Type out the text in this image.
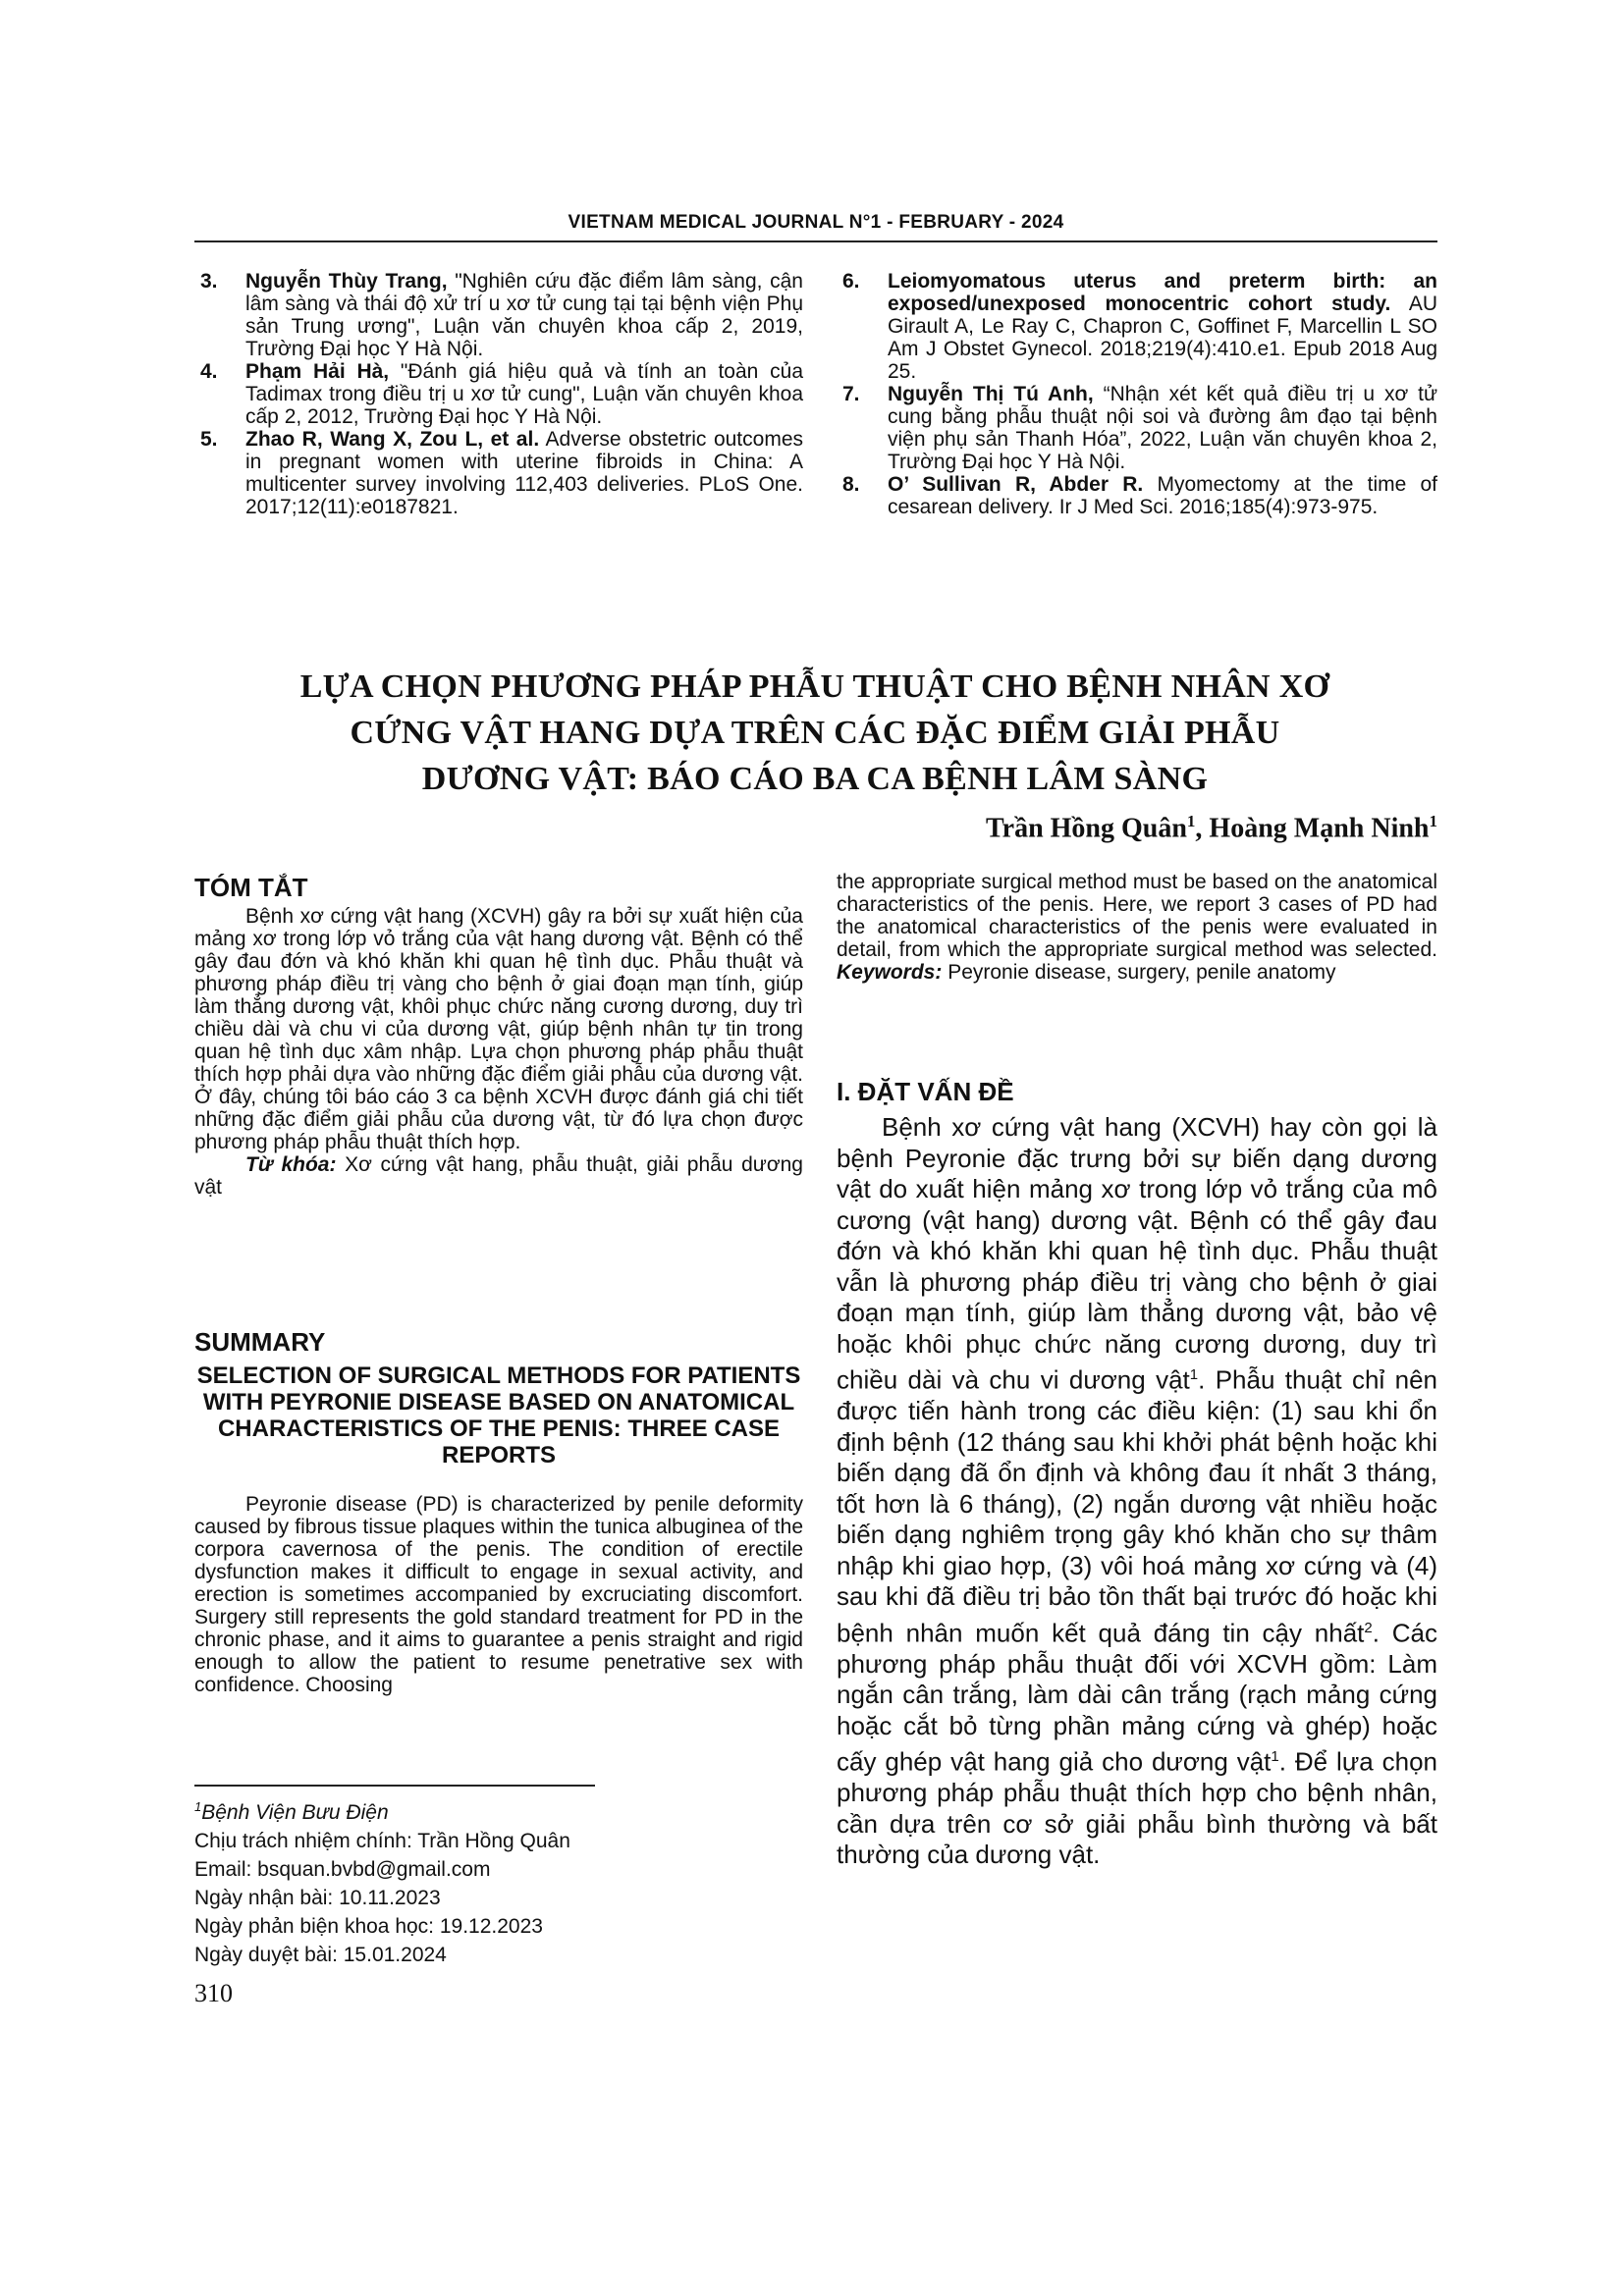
VIETNAM MEDICAL JOURNAL N°1 - FEBRUARY - 2024

3. Nguyễn Thùy Trang, "Nghiên cứu đặc điểm lâm sàng, cận lâm sàng và thái độ xử trí u xơ tử cung tại tại bệnh viện Phụ sản Trung ương", Luận văn chuyên khoa cấp 2, 2019, Trường Đại học Y Hà Nội.

4. Phạm Hải Hà, "Đánh giá hiệu quả và tính an toàn của Tadimax trong điều trị u xơ tử cung", Luận văn chuyên khoa cấp 2, 2012, Trường Đại học Y Hà Nội.

5. Zhao R, Wang X, Zou L, et al. Adverse obstetric outcomes in pregnant women with uterine fibroids in China: A multicenter survey involving 112,403 deliveries. PLoS One. 2017;12(11):e0187821.

6. Leiomyomatous uterus and preterm birth: an exposed/unexposed monocentric cohort study. AU Girault A, Le Ray C, Chapron C, Goffinet F, Marcellin L SO Am J Obstet Gynecol. 2018;219(4):410.e1. Epub 2018 Aug 25.

7. Nguyễn Thị Tú Anh, “Nhận xét kết quả điều trị u xơ tử cung bằng phẫu thuật nội soi và đường âm đạo tại bệnh viện phụ sản Thanh Hóa”, 2022, Luận văn chuyên khoa 2, Trường Đại học Y Hà Nội.

8. O’ Sullivan R, Abder R. Myomectomy at the time of cesarean delivery. Ir J Med Sci. 2016;185(4):973-975.

LỰA CHỌN PHƯƠNG PHÁP PHẪU THUẬT CHO BỆNH NHÂN XƠ CỨNG VẬT HANG DỰA TRÊN CÁC ĐẶC ĐIỂM GIẢI PHẪU DƯƠNG VẬT: BÁO CÁO BA CA BỆNH LÂM SÀNG
Trần Hồng Quân$^1$, Hoàng Mạnh Ninh$^1$
TÓM TẮT

Bệnh xơ cứng vật hang (XCVH) gây ra bởi sự xuất hiện của mảng xơ trong lớp vỏ trắng của vật hang dương vật. Bệnh có thể gây đau đớn và khó khăn khi quan hệ tình dục. Phẫu thuật và phương pháp điều trị vàng cho bệnh ở giai đoạn mạn tính, giúp làm thẳng dương vật, khôi phục chức năng cương dương, duy trì chiều dài và chu vi của dương vật, giúp bệnh nhân tự tin trong quan hệ tình dục xâm nhập. Lựa chọn phương pháp phẫu thuật thích hợp phải dựa vào những đặc điểm giải phẫu của dương vật. Ở đây, chúng tôi báo cáo 3 ca bệnh XCVH được đánh giá chi tiết những đặc điểm giải phẫu của dương vật, từ đó lựa chọn được phương pháp phẫu thuật thích hợp.

Từ khóa: Xơ cứng vật hang, phẫu thuật, giải phẫu dương vật

SUMMARY
SELECTION OF SURGICAL METHODS FOR PATIENTS WITH PEYRONIE DISEASE BASED ON ANATOMICAL CHARACTERISTICS OF THE PENIS: THREE CASE REPORTS

Peyronie disease (PD) is characterized by penile deformity caused by fibrous tissue plaques within the tunica albuginea of the corpora cavernosa of the penis. The condition of erectile dysfunction makes it difficult to engage in sexual activity, and erection is sometimes accompanied by excruciating discomfort. Surgery still represents the gold standard treatment for PD in the chronic phase, and it aims to guarantee a penis straight and rigid enough to allow the patient to resume penetrative sex with confidence. Choosing

$^1$Bệnh Viện Bưu Điện
Chịu trách nhiệm chính: Trần Hồng Quân
Email: bsquan.bvbd@gmail.com
Ngày nhận bài: 10.11.2023
Ngày phản biện khoa học: 19.12.2023
Ngày duyệt bài: 15.01.2024

the appropriate surgical method must be based on the anatomical characteristics of the penis. Here, we report 3 cases of PD had the anatomical characteristics of the penis were evaluated in detail, from which the appropriate surgical method was selected. Keywords: Peyronie disease, surgery, penile anatomy

I. ĐẶT VẤN ĐỀ

Bệnh xơ cứng vật hang (XCVH) hay còn gọi là bệnh Peyronie đặc trưng bởi sự biến dạng dương vật do xuất hiện mảng xơ trong lớp vỏ trắng của mô cương (vật hang) dương vật. Bệnh có thể gây đau đớn và khó khăn khi quan hệ tình dục. Phẫu thuật vẫn là phương pháp điều trị vàng cho bệnh ở giai đoạn mạn tính, giúp làm thẳng dương vật, bảo vệ hoặc khôi phục chức năng cương dương, duy trì chiều dài và chu vi dương vật$^1$. Phẫu thuật chỉ nên được tiến hành trong các điều kiện: (1) sau khi ổn định bệnh (12 tháng sau khi khởi phát bệnh hoặc khi biến dạng đã ổn định và không đau ít nhất 3 tháng, tốt hơn là 6 tháng), (2) ngắn dương vật nhiều hoặc biến dạng nghiêm trọng gây khó khăn cho sự thâm nhập khi giao hợp, (3) vôi hoá mảng xơ cứng và (4) sau khi đã điều trị bảo tồn thất bại trước đó hoặc khi bệnh nhân muốn kết quả đáng tin cậy nhất$^2$. Các phương pháp phẫu thuật đối với XCVH gồm: Làm ngắn cân trắng, làm dài cân trắng (rạch mảng cứng hoặc cắt bỏ từng phần mảng cứng và ghép) hoặc cấy ghép vật hang giả cho dương vật$^1$. Để lựa chọn phương pháp phẫu thuật thích hợp cho bệnh nhân, cần dựa trên cơ sở giải phẫu bình thường và bất thường của dương vật.

310
